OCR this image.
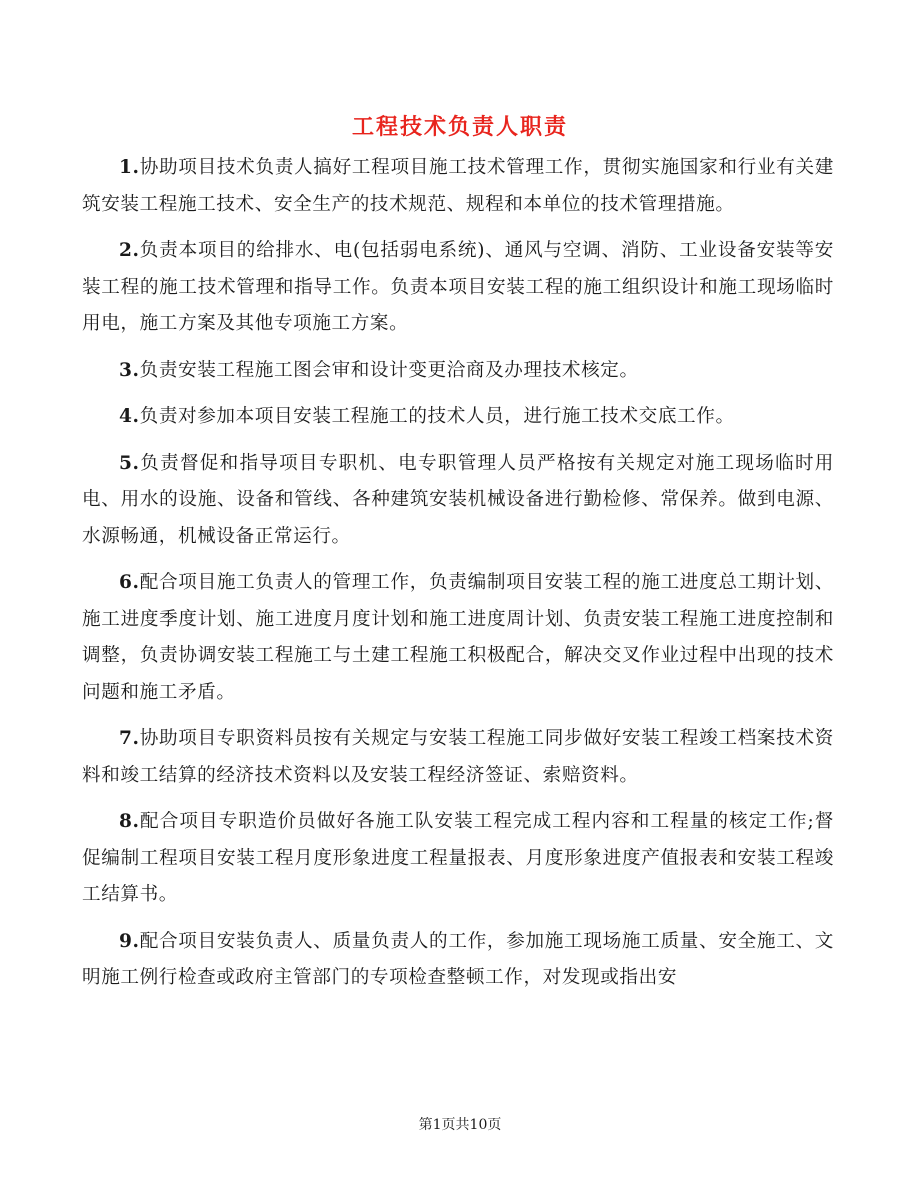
工程技术负责人职责

1.协助项目技术负责人搞好工程项目施工技术管理工作，贯彻实施国家和行业有关建筑安装工程施工技术、安全生产的技术规范、规程和本单位的技术管理措施。

2.负责本项目的给排水、电(包括弱电系统)、通风与空调、消防、工业设备安装等安装工程的施工技术管理和指导工作。负责本项目安装工程的施工组织设计和施工现场临时用电，施工方案及其他专项施工方案。

3.负责安装工程施工图会审和设计变更洽商及办理技术核定。

4.负责对参加本项目安装工程施工的技术人员，进行施工技术交底工作。

5.负责督促和指导项目专职机、电专职管理人员严格按有关规定对施工现场临时用电、用水的设施、设备和管线、各种建筑安装机械设备进行勤检修、常保养。做到电源、水源畅通，机械设备正常运行。

6.配合项目施工负责人的管理工作，负责编制项目安装工程的施工进度总工期计划、施工进度季度计划、施工进度月度计划和施工进度周计划、负责安装工程施工进度控制和调整，负责协调安装工程施工与土建工程施工积极配合，解决交叉作业过程中出现的技术问题和施工矛盾。

7.协助项目专职资料员按有关规定与安装工程施工同步做好安装工程竣工档案技术资料和竣工结算的经济技术资料以及安装工程经济签证、索赔资料。

8.配合项目专职造价员做好各施工队安装工程完成工程内容和工程量的核定工作;督促编制工程项目安装工程月度形象进度工程量报表、月度形象进度产值报表和安装工程竣工结算书。

9.配合项目安装负责人、质量负责人的工作，参加施工现场施工质量、安全施工、文明施工例行检查或政府主管部门的专项检查整顿工作，对发现或指出安

第1页共10页
